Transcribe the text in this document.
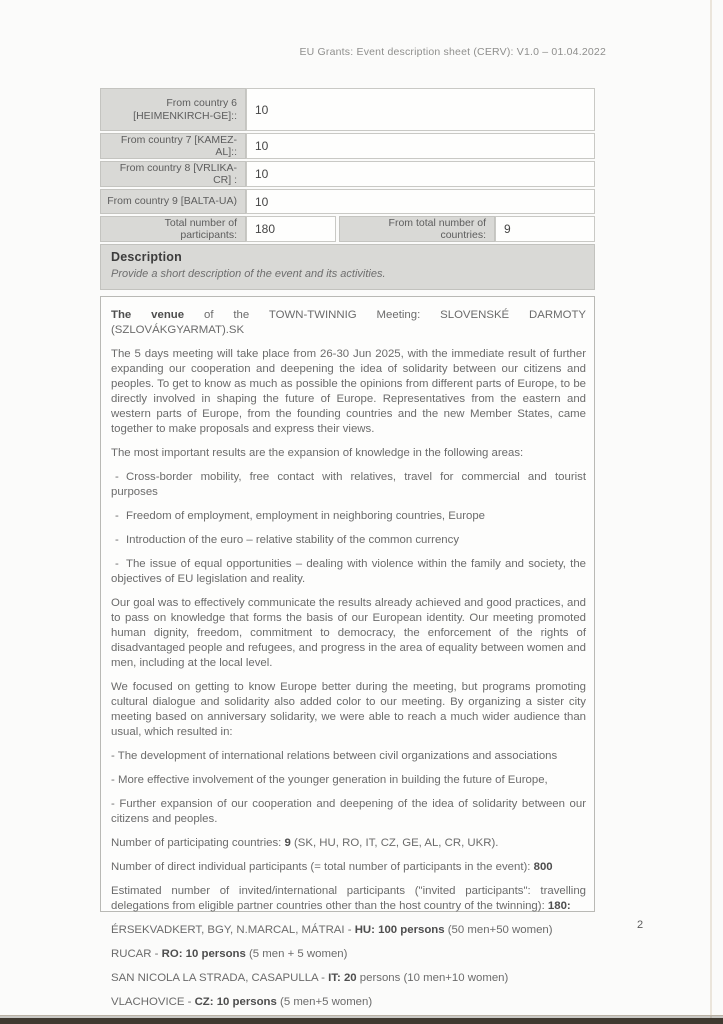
EU Grants: Event description sheet (CERV): V1.0 – 01.04.2022
From country 6 [HEIMENKIRCH-GE]::	10
From country 7 [KAMEZ-AL]::	10
From country 8 [VRLIKA-CR] :	10
From country 9 [BALTA-UA)	10
Total number of participants:	180	From total number of countries:	9
Description
Provide a short description of the event and its activities.

The venue of the TOWN-TWINNIG Meeting: SLOVENSKÉ DARMOTY (SZLOVÁKGYARMAT).SK

The 5 days meeting will take place from 26-30 Jun 2025, with the immediate result of further expanding our cooperation and deepening the idea of solidarity between our citizens and peoples. To get to know as much as possible the opinions from different parts of Europe, to be directly involved in shaping the future of Europe. Representatives from the eastern and western parts of Europe, from the founding countries and the new Member States, came together to make proposals and express their views.

The most important results are the expansion of knowledge in the following areas:

- Cross-border mobility, free contact with relatives, travel for commercial and tourist purposes

- Freedom of employment, employment in neighboring countries, Europe

- Introduction of the euro – relative stability of the common currency

- The issue of equal opportunities – dealing with violence within the family and society, the objectives of EU legislation and reality.

Our goal was to effectively communicate the results already achieved and good practices, and to pass on knowledge that forms the basis of our European identity. Our meeting promoted human dignity, freedom, commitment to democracy, the enforcement of the rights of disadvantaged people and refugees, and progress in the area of equality between women and men, including at the local level.

We focused on getting to know Europe better during the meeting, but programs promoting cultural dialogue and solidarity also added color to our meeting. By organizing a sister city meeting based on anniversary solidarity, we were able to reach a much wider audience than usual, which resulted in:

- The development of international relations between civil organizations and associations

- More effective involvement of the younger generation in building the future of Europe,

- Further expansion of our cooperation and deepening of the idea of solidarity between our citizens and peoples.

Number of participating countries: 9 (SK, HU, RO, IT, CZ, GE, AL, CR, UKR).

Number of direct individual participants (= total number of participants in the event): 800

Estimated number of invited/international participants ("invited participants": travelling delegations from eligible partner countries other than the host country of the twinning): 180:

ÉRSEKVADKERT, BGY, N.MARCAL, MÁTRAI - HU: 100 persons (50 men+50 women)

RUCAR - RO: 10 persons (5 men + 5 women)

SAN NICOLA LA STRADA, CASAPULLA - IT: 20 persons (10 men+10 women)

VLACHOVICE - CZ: 10 persons (5 men+5 women)

2
